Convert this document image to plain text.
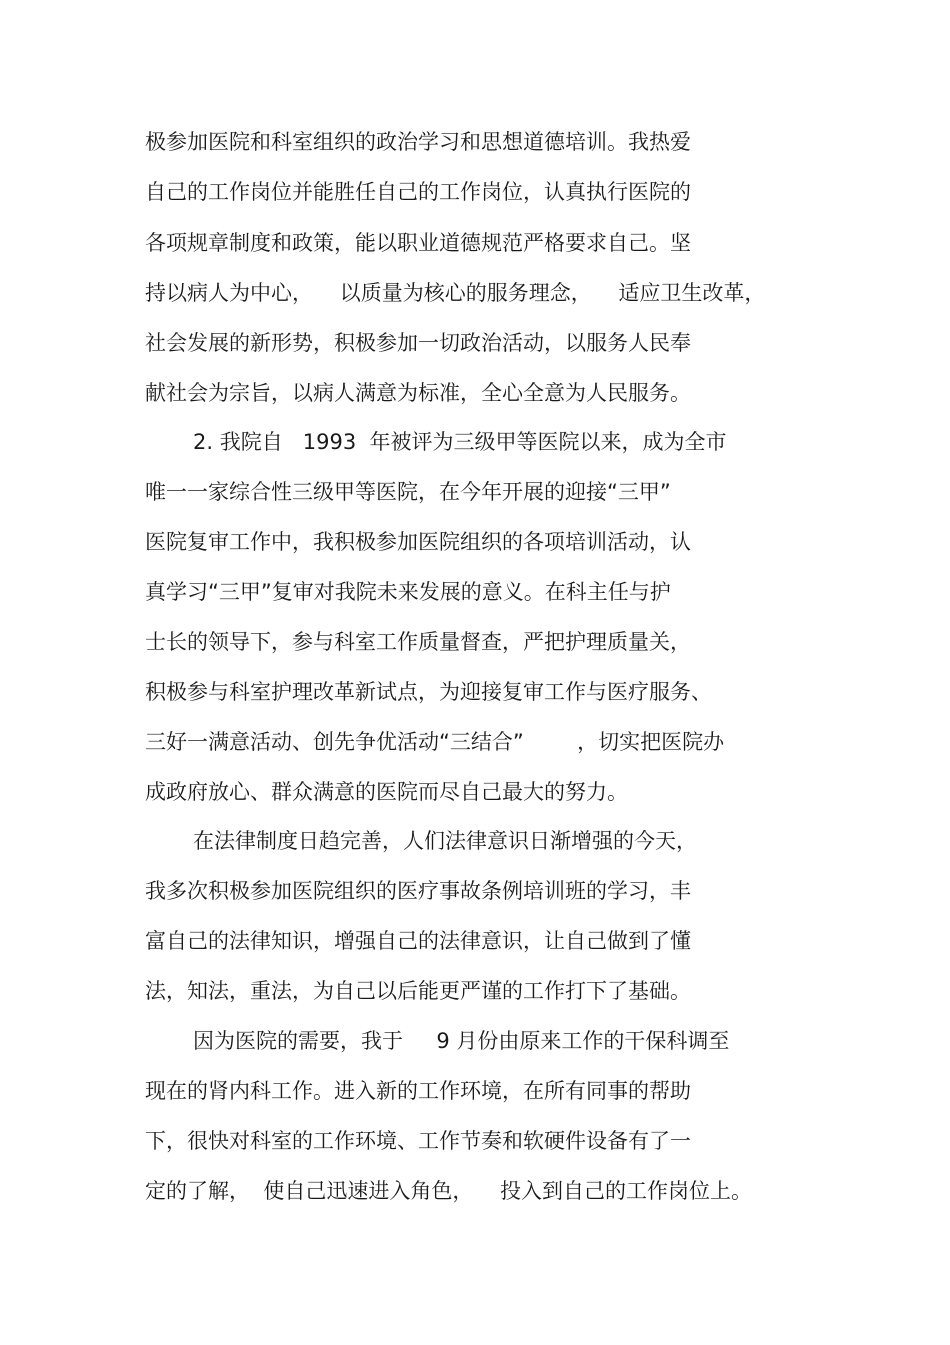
极参加医院和科室组织的政治学习和思想道德培训。我热爱
自己的工作岗位并能胜任自己的工作岗位，认真执行医院的
各项规章制度和政策，能以职业道德规范严格要求自己。坚
持以病人为中心，    以质量为核心的服务理念，    适应卫生改革，
社会发展的新形势，积极参加一切政治活动，以服务人民奉
献社会为宗旨，以病人满意为标准，全心全意为人民服务。
2. 我院自   1993  年被评为三级甲等医院以来，成为全市
唯一一家综合性三级甲等医院，在今年开展的迎接“三甲”
医院复审工作中，我积极参加医院组织的各项培训活动，认
真学习“三甲”复审对我院未来发展的意义。在科主任与护
士长的领导下，参与科室工作质量督查，严把护理质量关，
积极参与科室护理改革新试点，为迎接复审工作与医疗服务、
三好一满意活动、创先争优活动“三结合”        ，切实把医院办
成政府放心、群众满意的医院而尽自己最大的努力。
在法律制度日趋完善，人们法律意识日渐增强的今天，
我多次积极参加医院组织的医疗事故条例培训班的学习，丰
富自己的法律知识，增强自己的法律意识，让自己做到了懂
法，知法，重法，为自己以后能更严谨的工作打下了基础。
因为医院的需要，我于     9 月份由原来工作的干保科调至
现在的肾内科工作。进入新的工作环境，在所有同事的帮助
下，很快对科室的工作环境、工作节奏和软硬件设备有了一
定的了解，  使自己迅速进入角色，    投入到自己的工作岗位上。
